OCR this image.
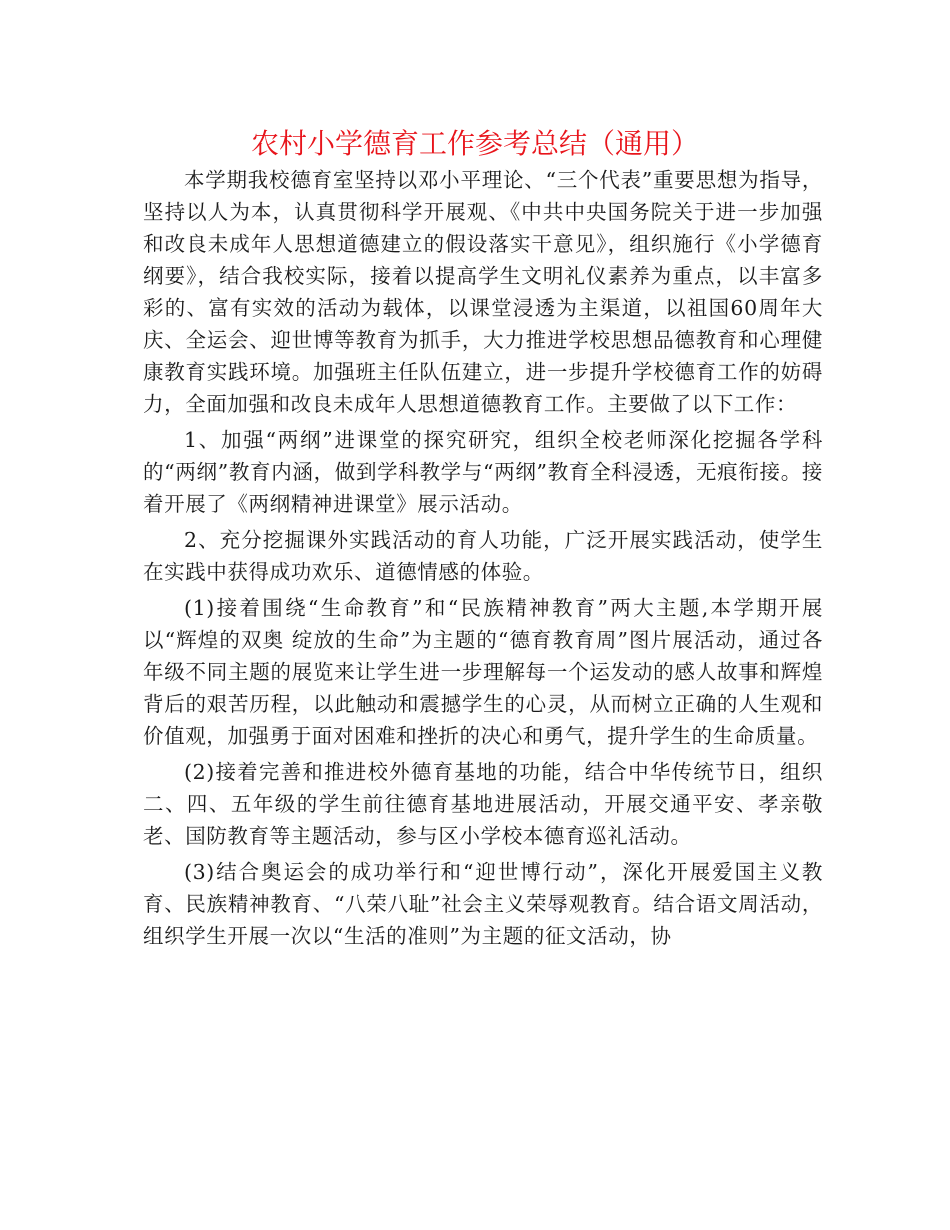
农村小学德育工作参考总结（通用）

本学期我校德育室坚持以邓小平理论、“三个代表”重要思想为指导，坚持以人为本，认真贯彻科学开展观、《中共中央国务院关于进一步加强和改良未成年人思想道德建立的假设落实干意见》，组织施行《小学德育纲要》，结合我校实际，接着以提高学生文明礼仪素养为重点，以丰富多彩的、富有实效的活动为载体，以课堂浸透为主渠道，以祖国60周年大庆、全运会、迎世博等教育为抓手，大力推进学校思想品德教育和心理健康教育实践环境。加强班主任队伍建立，进一步提升学校德育工作的妨碍力，全面加强和改良未成年人思想道德教育工作。主要做了以下工作：

1、加强“两纲”进课堂的探究研究，组织全校老师深化挖掘各学科的“两纲”教育内涵，做到学科教学与“两纲”教育全科浸透，无痕衔接。接着开展了《两纲精神进课堂》展示活动。

2、充分挖掘课外实践活动的育人功能，广泛开展实践活动，使学生在实践中获得成功欢乐、道德情感的体验。

(1)接着围绕“生命教育”和“民族精神教育”两大主题,本学期开展以“辉煌的双奥 绽放的生命”为主题的“德育教育周”图片展活动，通过各年级不同主题的展览来让学生进一步理解每一个运发动的感人故事和辉煌背后的艰苦历程，以此触动和震撼学生的心灵，从而树立正确的人生观和价值观，加强勇于面对困难和挫折的决心和勇气，提升学生的生命质量。

(2)接着完善和推进校外德育基地的功能，结合中华传统节日，组织二、四、五年级的学生前往德育基地进展活动，开展交通平安、孝亲敬老、国防教育等主题活动，参与区小学校本德育巡礼活动。

(3)结合奥运会的成功举行和“迎世博行动”，深化开展爱国主义教育、民族精神教育、“八荣八耻”社会主义荣辱观教育。结合语文周活动，组织学生开展一次以“生活的准则”为主题的征文活动，协
